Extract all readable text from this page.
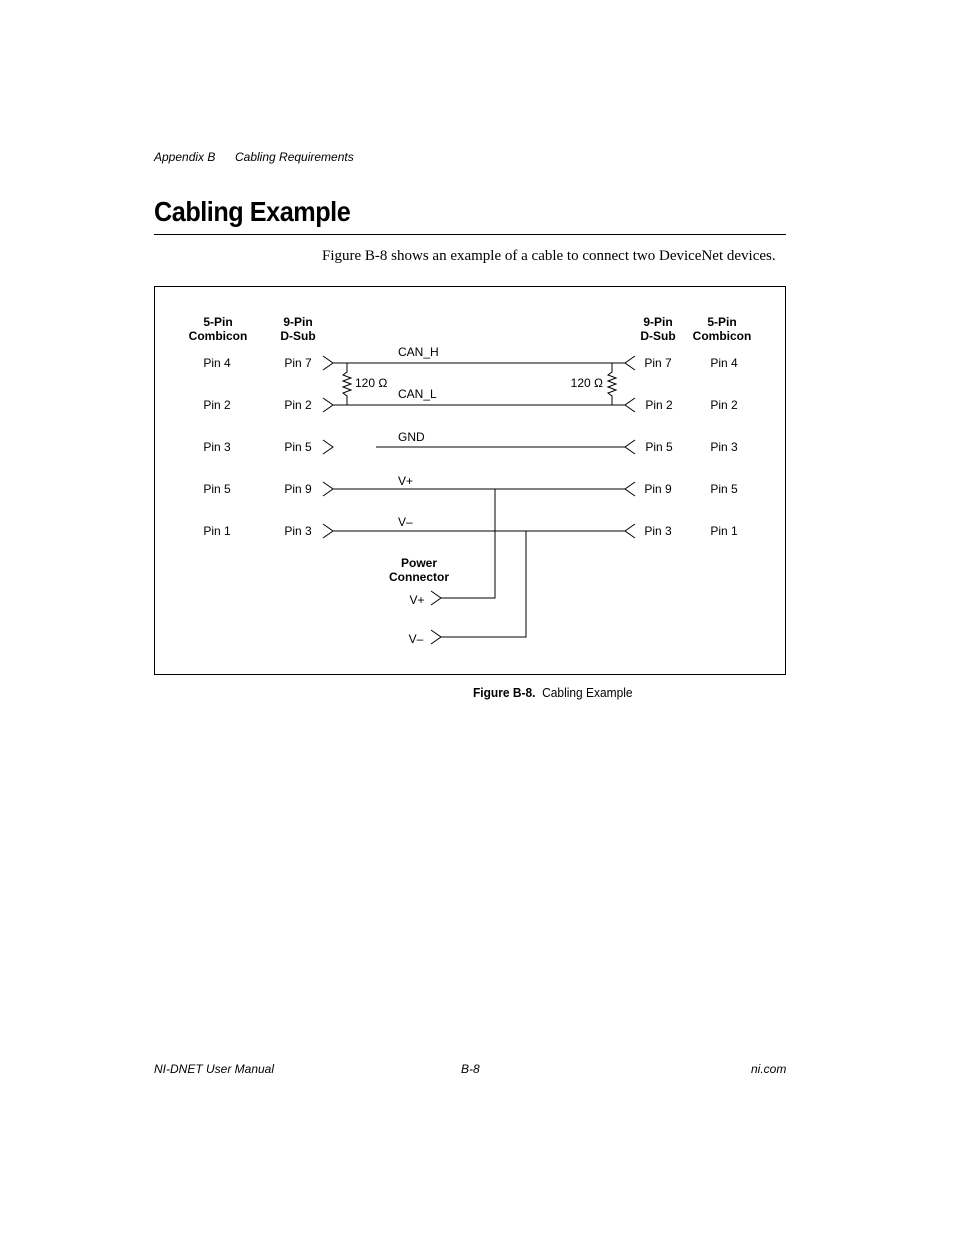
Appendix B Cabling Requirements
Cabling Example
Figure B-8 shows an example of a cable to connect two DeviceNet devices.
5-Pin
Combicon
9-Pin
D-Sub
9-Pin
D-Sub
5-Pin
Combicon
Pin 4	Pin 7
CAN_H
Pin 7	Pin 4
120 Ω	120 Ω
Pin 2	Pin 2
CAN_L
Pin 2	Pin 2
Pin 3	Pin 5
GND
Pin 5	Pin 3
Pin 5	Pin 9
V+
Pin 9	Pin 5
Pin 1	Pin 3
V–
Pin 3	Pin 1
Power
Connector
V+
V–
Figure B-8. Cabling Example
NI-DNET User Manual	B-8	ni.com
